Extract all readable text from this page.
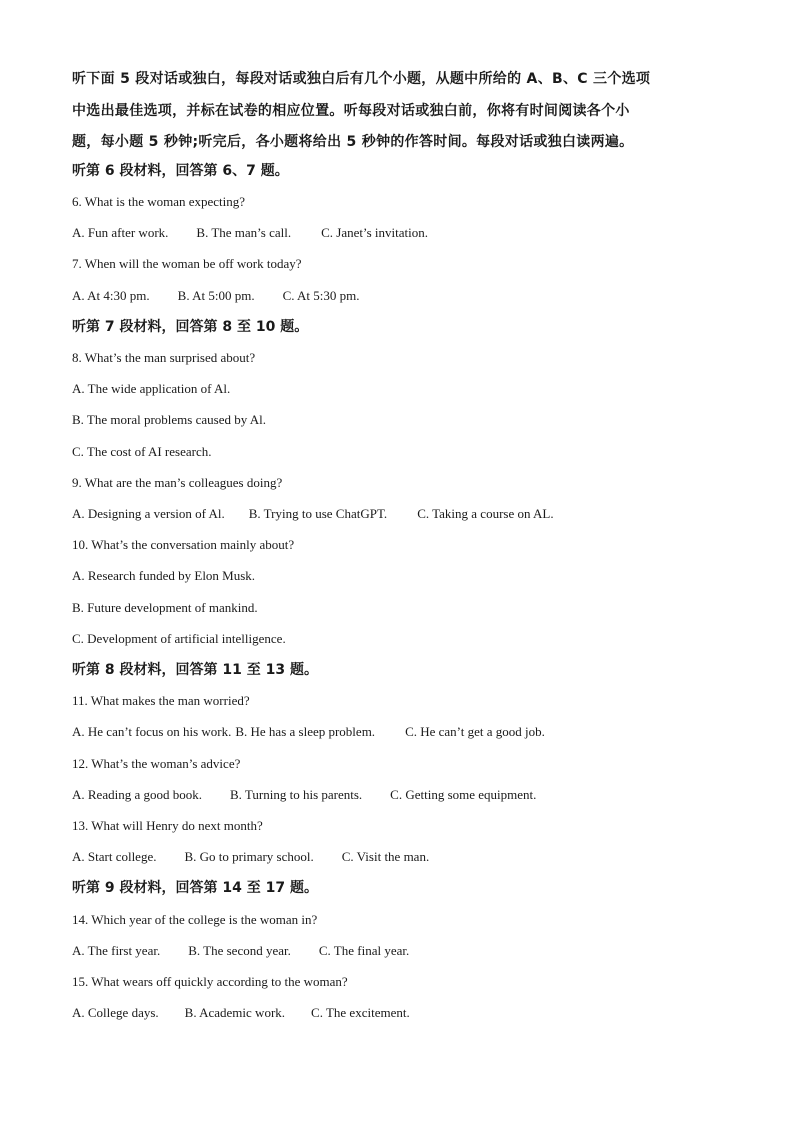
听下面 5 段对话或独白，每段对话或独白后有几个小题，从题中所给的 A、B、C 三个选项
中选出最佳选项，并标在试卷的相应位置。听每段对话或独白前，你将有时间阅读各个小
题，每小题 5 秒钟;听完后，各小题将给出 5 秒钟的作答时间。每段对话或独白读两遍。
听第 6 段材料，回答第 6、7 题。
6. What is the woman expecting?
A. Fun after work. B. The man’s call. C. Janet’s invitation.
7. When will the woman be off work today?
A. At 4:30 pm. B. At 5:00 pm. C. At 5:30 pm.
听第 7 段材料，回答第 8 至 10 题。
8. What’s the man surprised about?
A. The wide application of Al.
B. The moral problems caused by Al.
C. The cost of AI research.
9. What are the man’s colleagues doing?
A. Designing a version of Al. B. Trying to use ChatGPT. C. Taking a course on AL.
10. What’s the conversation mainly about?
A. Research funded by Elon Musk.
B. Future development of mankind.
C. Development of artificial intelligence.
听第 8 段材料，回答第 11 至 13 题。
11. What makes the man worried?
A. He can’t focus on his work. B. He has a sleep problem. C. He can’t get a good job.
12. What’s the woman’s advice?
A. Reading a good book. B. Turning to his parents. C. Getting some equipment.
13. What will Henry do next month?
A. Start college. B. Go to primary school. C. Visit the man.
听第 9 段材料，回答第 14 至 17 题。
14. Which year of the college is the woman in?
A. The first year. B. The second year. C. The final year.
15. What wears off quickly according to the woman?
A. College days. B. Academic work. C. The excitement.
